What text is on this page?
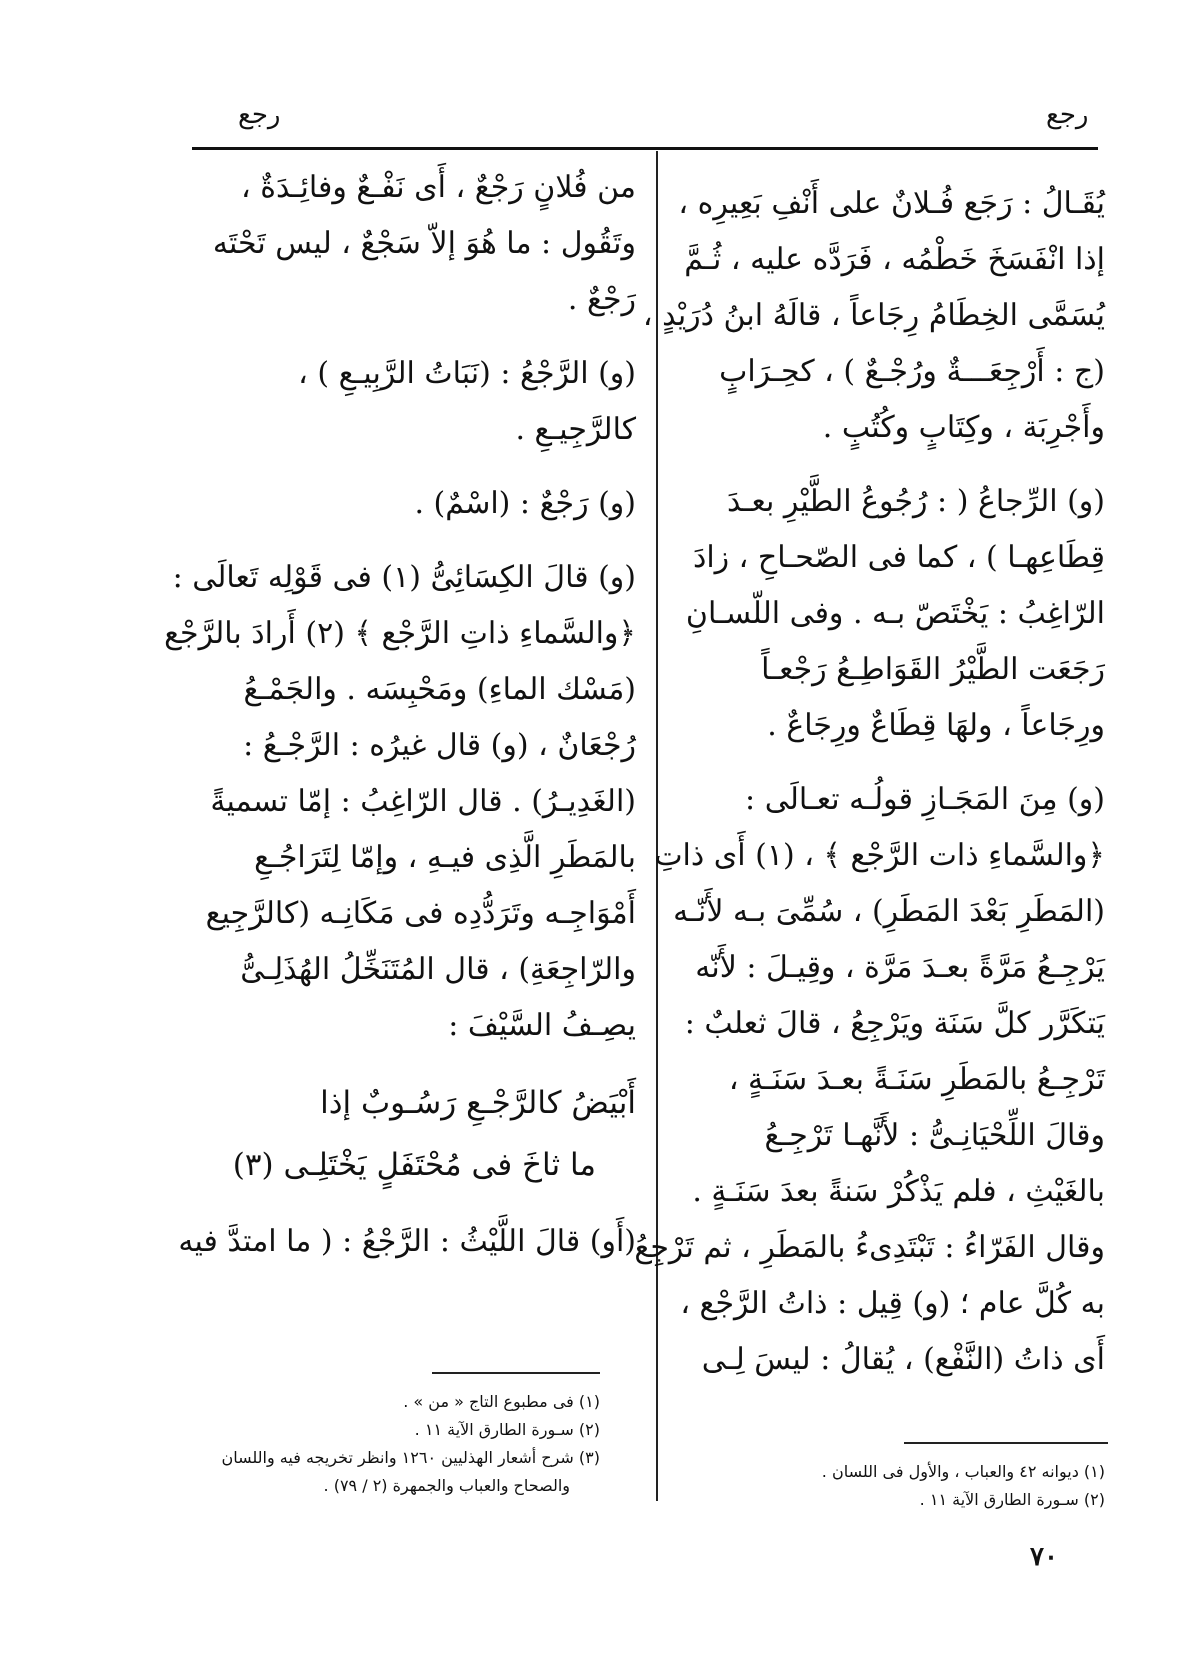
رجع	رجع
يُقَـالُ : رَجَع فُـلانٌ على أَنْفِ بَعِيرِه ،
إذا انْفَسَخَ خَطْمُه ، فَرَدَّه عليه ، ثُـمَّ
يُسَمَّى الخِطَامُ رِجَاعاً ، قالَهُ ابنُ دُرَيْدٍ ،
(ج : أَرْجِعَـــةٌ ورُجْـعٌ ) ، كحِـرَابٍ
وأَجْرِبَة ، وكِتَابٍ وكُتُبٍ .
(و) الرِّجاعُ ( : رُجُوعُ الطَّيْرِ بعـدَ
قِطَاعِهـا ) ، كما فى الصّحـاحِ ، زادَ
الرّاغِبُ : يَخْتَصّ بـه . وفى اللّسـانِ
رَجَعَت الطَّيْرُ القَوَاطِـعُ رَجْعـاً
ورِجَاعاً ، ولهَا قِطَاعٌ ورِجَاعٌ .
(و) مِنَ المَجَـازِ قولُـه تعـالَى :
﴿والسَّماءِ ذات الرَّجْع ﴾ ، (١) أَى ذاتِ
(المَطَرِ بَعْدَ المَطَرِ) ، سُمِّىَ بـه لأَنّـه
يَرْجِـعُ مَرَّةً بعـدَ مَرَّة ، وقِيـلَ : لأَنّه
يَتكَرَّر كلَّ سَنَة ويَرْجِعُ ، قالَ ثعلبٌ :
تَرْجِـعُ بالمَطَرِ سَنَـةً بعـدَ سَنَـةٍ ،
وقالَ اللِّحْيَانِـىُّ : لأَنَّهـا تَرْجِـعُ
بالغَيْثِ ، فلم يَذْكُرْ سَنةً بعدَ سَنَـةٍ .
وقال الفَرّاءُ : تَبْتَدِىءُ بالمَطَرِ ، ثم تَرْجِعُ
به كُلَّ عام ؛ (و) قِيل : ذاتُ الرَّجْع ،
أَى ذاتُ (النَّفْع) ، يُقالُ : ليسَ لِـى
من فُلانٍ رَجْعٌ ، أَى نَفْـعٌ وفائِـدَةٌ ،
وتَقُول : ما هُوَ إلاّ سَجْعٌ ، ليس تَحْتَه
رَجْعٌ .
(و) الرَّجْعُ : (نَبَاتُ الرَّبِيـعِ ) ،
كالرَّجِيـعِ .
(و) رَجْعٌ : (اسْمٌ) .
(و) قالَ الكِسَائِىُّ (١) فى قَوْلِه تَعالَى :
﴿والسَّماءِ ذاتِ الرَّجْع ﴾ (٢) أَرادَ بالرَّجْع
(مَسْك الماءِ) ومَحْبِسَه . والجَمْـعُ
رُجْعَانٌ ، (و) قال غيرُه : الرَّجْـعُ :
(الغَدِيـرُ) . قال الرّاغِبُ : إمّا تسميةً
بالمَطَرِ الَّذِى فيـهِ ، وإمّا لِتَرَاجُـعِ
أَمْوَاجِـه وتَرَدُّدِه فى مَكَانِـه (كالرَّجِيع
والرّاجِعَةِ) ، قال المُتَنَخِّلُ الهُذَلِـىُّ
يصِـفُ السَّيْفَ :
أَبْيَضُ كالرَّجْـعِ رَسُـوبٌ إذا
ما ثاخَ فى مُحْتَفَلٍ يَخْتَلِـى (٣)
(أَو) قالَ اللَّيْثُ : الرَّجْعُ : ( ما امتدَّ فيه
(١) فى مطبوع التاج « من » .
(٢) سـورة الطارق الآية ١١ .
(٣) شرح أشعار الهذليين ١٢٦٠ وانظر تخريجه فيه واللسان
والصحاح والعباب والجمهرة (٢ / ٧٩) .
(١) ديوانه ٤٢ والعباب ، والأول فى اللسان .
(٢) سـورة الطارق الآية ١١ .
٧٠
